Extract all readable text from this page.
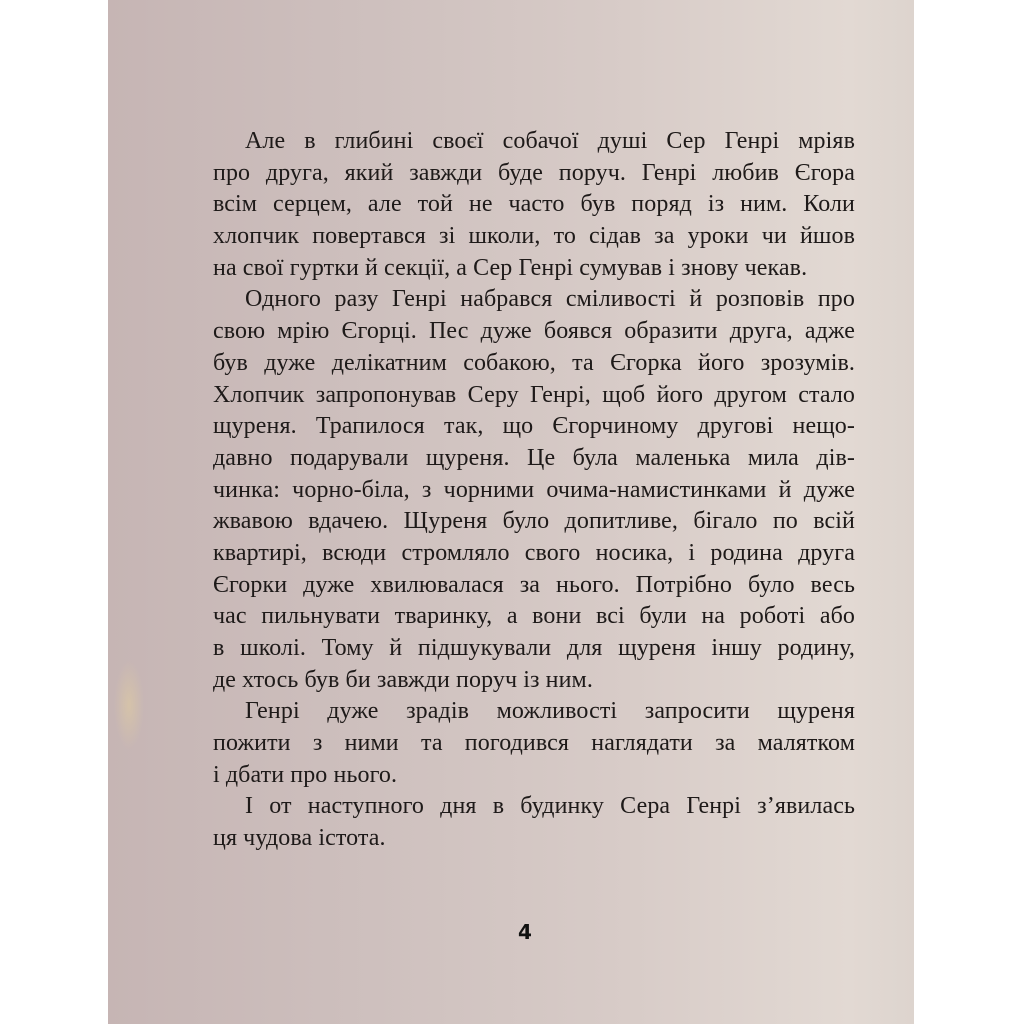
Але в глибині своєї собачої душі Сер Генрі мріяв
про друга, який завжди буде поруч. Генрі любив Єгора
всім серцем, але той не часто був поряд із ним. Коли
хлопчик повертався зі школи, то сідав за уроки чи йшов
на свої гуртки й секції, а Сер Генрі сумував і знову чекав.
Одного разу Генрі набрався сміливості й розповів про
свою мрію Єгорці. Пес дуже боявся образити друга, адже
був дуже делікатним собакою, та Єгорка його зрозумів.
Хлопчик запропонував Серу Генрі, щоб його другом стало
щуреня. Трапилося так, що Єгорчиному другові нещо-
давно подарували щуреня. Це була маленька мила дів-
чинка: чорно-біла, з чорними очима-намистинками й дуже
жвавою вдачею. Щуреня було допитливе, бігало по всій
квартирі, всюди стромляло свого носика, і родина друга
Єгорки дуже хвилювалася за нього. Потрібно було весь
час пильнувати тваринку, а вони всі були на роботі або
в школі. Тому й підшукували для щуреня іншу родину,
де хтось був би завжди поруч із ним.
Генрі дуже зрадів можливості запросити щуреня
пожити з ними та погодився наглядати за малятком
і дбати про нього.
І от наступного дня в будинку Сера Генрі з’явилась
ця чудова істота.
4
